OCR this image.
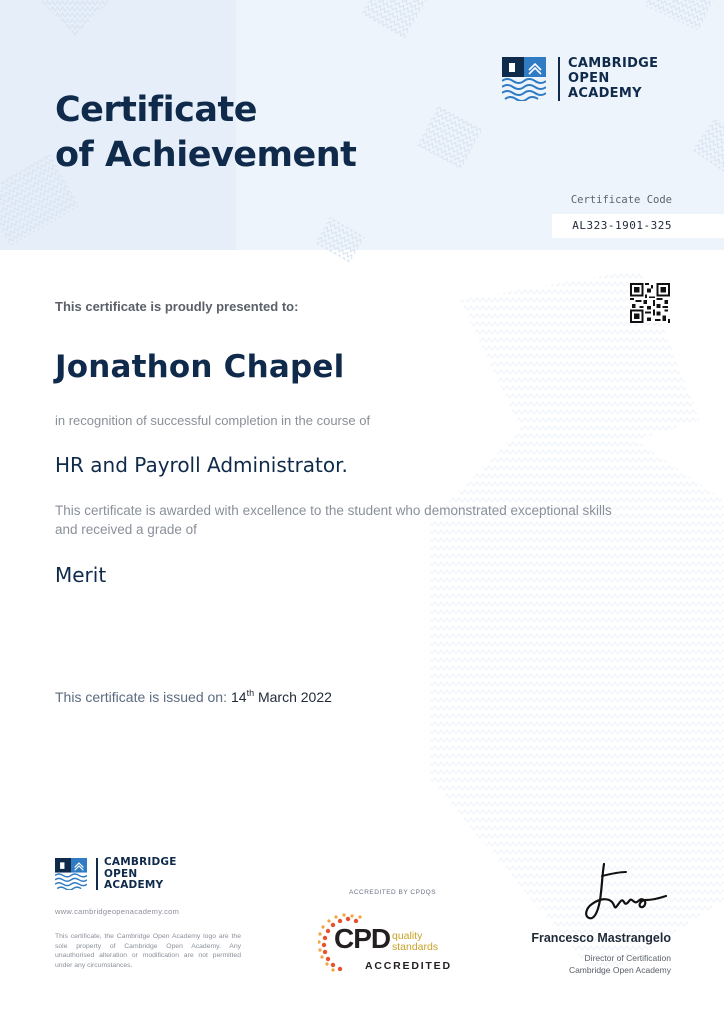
Certificate
of Achievement
CAMBRIDGE
OPEN
ACADEMY
Certificate Code
AL323-1901-325
This certificate is proudly presented to:
Jonathon Chapel
in recognition of successful completion in the course of
HR and Payroll Administrator.
This certificate is awarded with excellence to the student who demonstrated exceptional skills and received a grade of
Merit
This certificate is issued on: 14th March 2022
CAMBRIDGE
OPEN
ACADEMY
www.cambridgeopenacademy.com
This certificate, the Cambridge Open Academy logo are the sole property of Cambridge Open Academy. Any unauthorised alteration or modification are not permitted under any circumstances.
ACCREDITED BY CPDQS
CPD quality
standards
ACCREDITED
Francesco Mastrangelo
Director of Certification
Cambridge Open Academy
